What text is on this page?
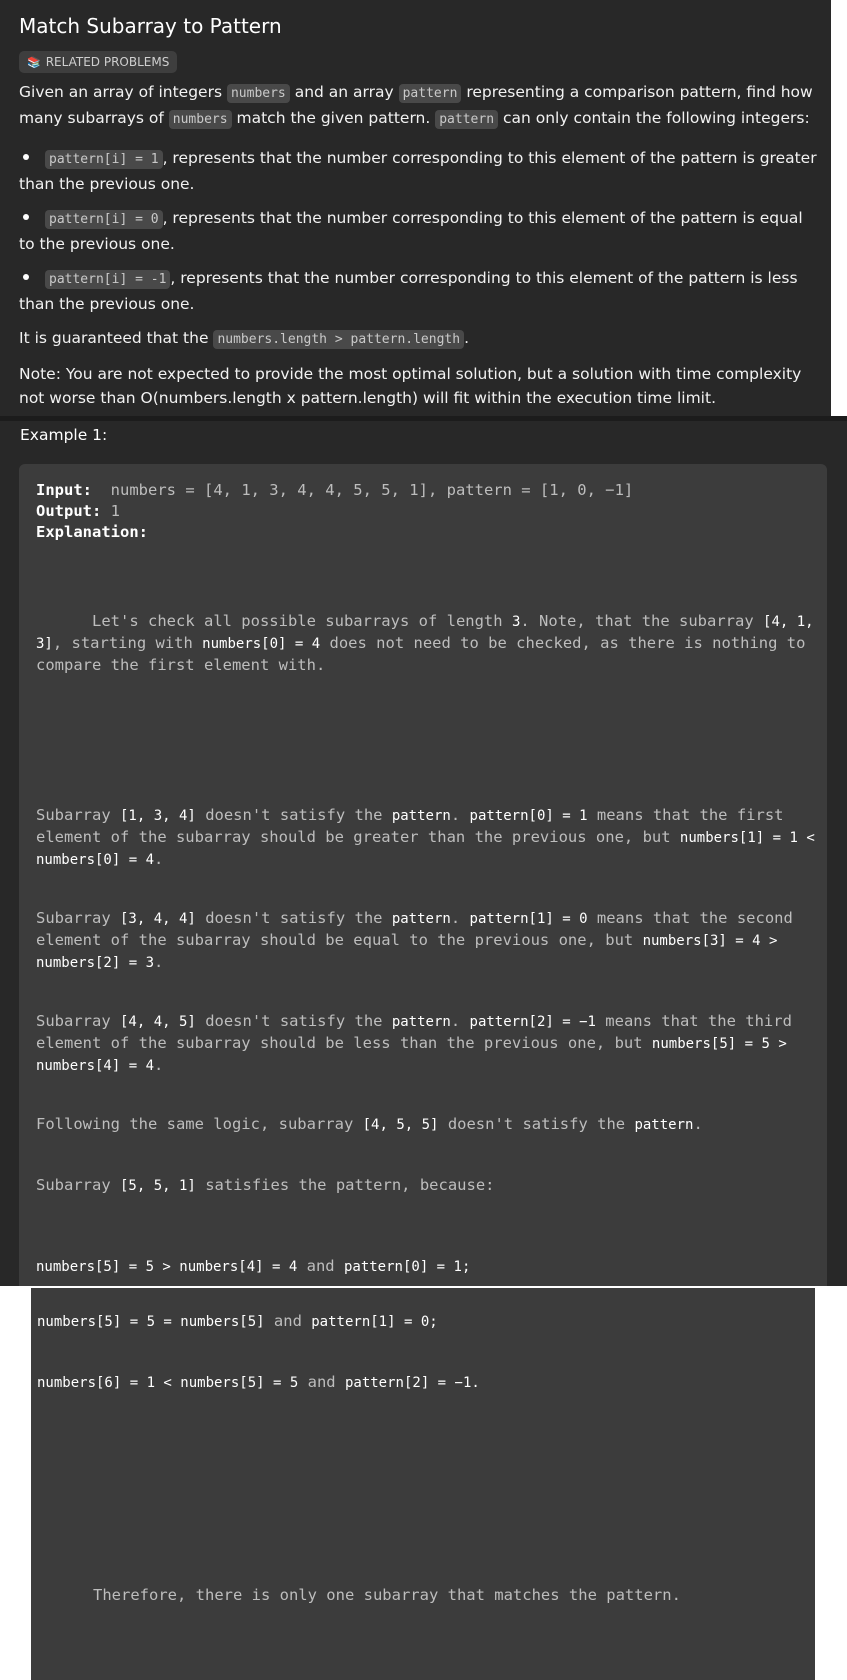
Match Subarray to Pattern
📚 RELATED PROBLEMS

Given an array of integers numbers and an array pattern representing a comparison pattern, find how many subarrays of numbers match the given pattern. pattern can only contain the following integers:

pattern[i] = 1 , represents that the number corresponding to this element of the pattern is greater than the previous one.

pattern[i] = 0 , represents that the number corresponding to this element of the pattern is equal to the previous one.

pattern[i] = -1 , represents that the number corresponding to this element of the pattern is less than the previous one.

It is guaranteed that the numbers.length > pattern.length .

Note: You are not expected to provide the most optimal solution, but a solution with time complexity not worse than O(numbers.length x pattern.length) will fit within the execution time limit.

Example 1:
Input: numbers = [4, 1, 3, 4, 4, 5, 5, 1], pattern = [1, 0, −1]
Output: 1
Explanation:
Let's check all possible subarrays of length 3. Note, that the subarray [4, 1, 3], starting with numbers[0] = 4 does not need to be checked, as there is nothing to compare the first element with.
Subarray [1, 3, 4] doesn't satisfy the pattern. pattern[0] = 1 means that the first element of the subarray should be greater than the previous one, but numbers[1] = 1 < numbers[0] = 4.
Subarray [3, 4, 4] doesn't satisfy the pattern. pattern[1] = 0 means that the second element of the subarray should be equal to the previous one, but numbers[3] = 4 > numbers[2] = 3.
Subarray [4, 4, 5] doesn't satisfy the pattern. pattern[2] = −1 means that the third element of the subarray should be less than the previous one, but numbers[5] = 5 > numbers[4] = 4.
Following the same logic, subarray [4, 5, 5] doesn't satisfy the pattern.
Subarray [5, 5, 1] satisfies the pattern, because:
numbers[5] = 5 > numbers[4] = 4 and pattern[0] = 1;
numbers[5] = 5 = numbers[5] and pattern[1] = 0;
numbers[6] = 1 < numbers[5] = 5 and pattern[2] = −1.
Therefore, there is only one subarray that matches the pattern.
